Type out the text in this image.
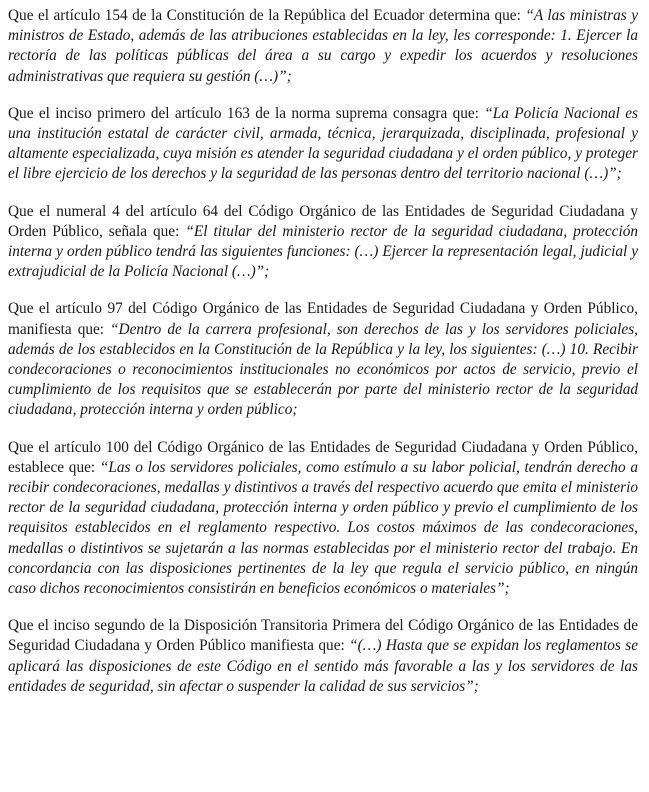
Que el artículo 154 de la Constitución de la República del Ecuador determina que: “A las ministras y ministros de Estado, además de las atribuciones establecidas en la ley, les corresponde: 1. Ejercer la rectoría de las políticas públicas del área a su cargo y expedir los acuerdos y resoluciones administrativas que requiera su gestión (…)”;

Que el inciso primero del artículo 163 de la norma suprema consagra que: “La Policía Nacional es una institución estatal de carácter civil, armada, técnica, jerarquizada, disciplinada, profesional y altamente especializada, cuya misión es atender la seguridad ciudadana y el orden público, y proteger el libre ejercicio de los derechos y la seguridad de las personas dentro del territorio nacional (…)”;

Que el numeral 4 del artículo 64 del Código Orgánico de las Entidades de Seguridad Ciudadana y Orden Público, señala que: “El titular del ministerio rector de la seguridad ciudadana, protección interna y orden público tendrá las siguientes funciones: (…) Ejercer la representación legal, judicial y extrajudicial de la Policía Nacional (…)”;

Que el artículo 97 del Código Orgánico de las Entidades de Seguridad Ciudadana y Orden Público, manifiesta que: “Dentro de la carrera profesional, son derechos de las y los servidores policiales, además de los establecidos en la Constitución de la República y la ley, los siguientes: (…) 10. Recibir condecoraciones o reconocimientos institucionales no económicos por actos de servicio, previo el cumplimiento de los requisitos que se establecerán por parte del ministerio rector de la seguridad ciudadana, protección interna y orden público;

Que el artículo 100 del Código Orgánico de las Entidades de Seguridad Ciudadana y Orden Público, establece que: “Las o los servidores policiales, como estímulo a su labor policial, tendrán derecho a recibir condecoraciones, medallas y distintivos a través del respectivo acuerdo que emita el ministerio rector de la seguridad ciudadana, protección interna y orden público y previo el cumplimiento de los requisitos establecidos en el reglamento respectivo. Los costos máximos de las condecoraciones, medallas o distintivos se sujetarán a las normas establecidas por el ministerio rector del trabajo. En concordancia con las disposiciones pertinentes de la ley que regula el servicio público, en ningún caso dichos reconocimientos consistirán en beneficios económicos o materiales”;

Que el inciso segundo de la Disposición Transitoria Primera del Código Orgánico de las Entidades de Seguridad Ciudadana y Orden Público manifiesta que: “(…) Hasta que se expidan los reglamentos se aplicará las disposiciones de este Código en el sentido más favorable a las y los servidores de las entidades de seguridad, sin afectar o suspender la calidad de sus servicios”;
